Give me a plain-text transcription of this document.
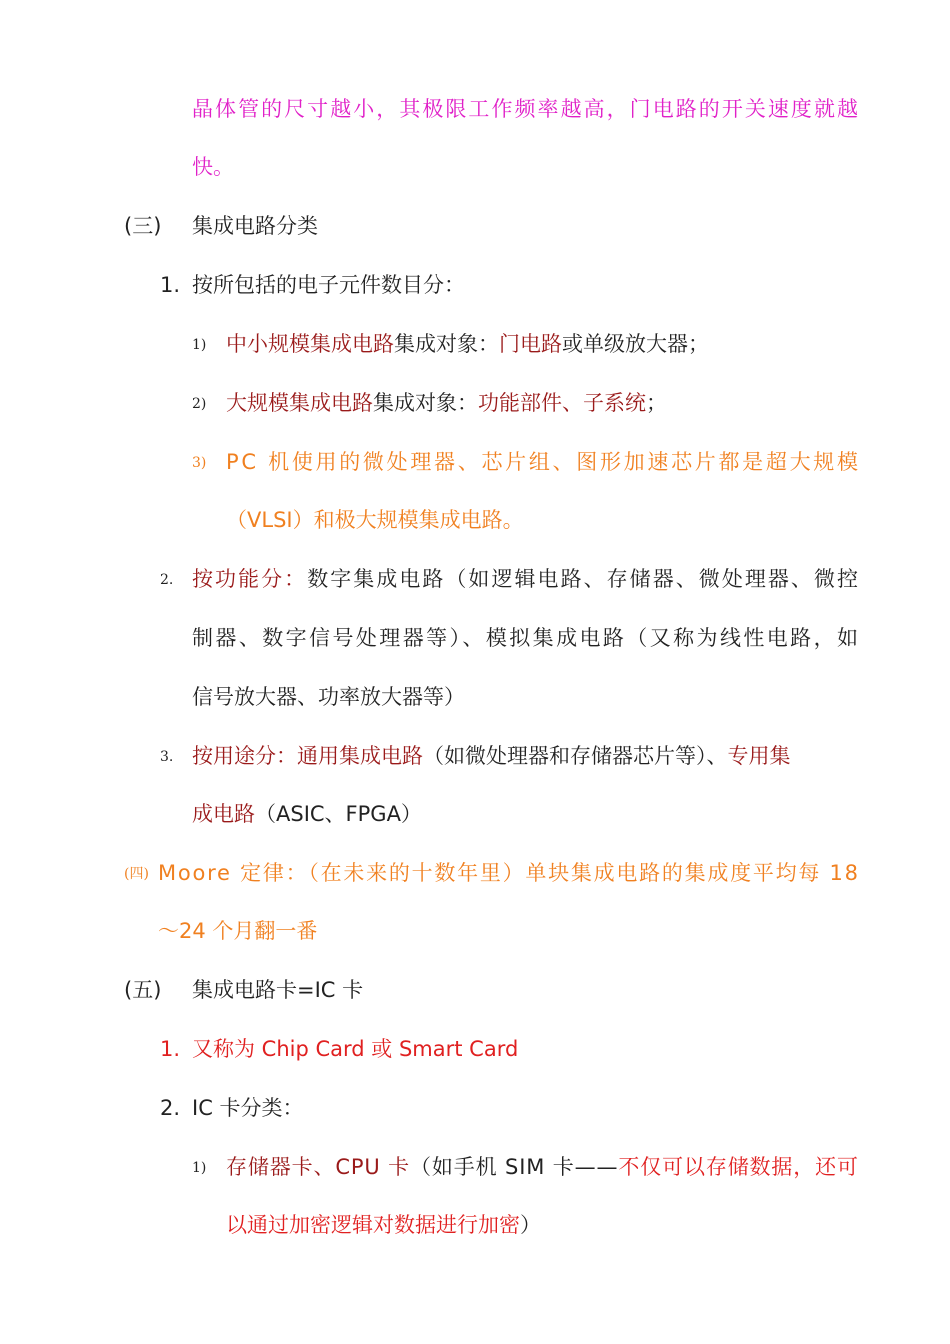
晶体管的尺寸越小，其极限工作频率越高，门电路的开关速度就越
快。
(三) 集成电路分类
1. 按所包括的电子元件数目分：
1) 中小规模集成电路集成对象：门电路或单级放大器；
2) 大规模集成电路集成对象：功能部件、子系统；
3) PC 机使用的微处理器、芯片组、图形加速芯片都是超大规模
（VLSI）和极大规模集成电路。
2. 按功能分：数字集成电路（如逻辑电路、存储器、微处理器、微控
制器、数字信号处理器等）、模拟集成电路（又称为线性电路，如
信号放大器、功率放大器等）
3. 按用途分：通用集成电路（如微处理器和存储器芯片等）、专用集
成电路（ASIC、FPGA）
(四) Moore 定律：（在未来的十数年里）单块集成电路的集成度平均每 18
～24 个月翻一番
(五) 集成电路卡=IC 卡
1. 又称为 Chip Card 或 Smart Card
2. IC 卡分类：
1) 存储器卡、CPU 卡（如手机 SIM 卡——不仅可以存储数据，还可
以通过加密逻辑对数据进行加密）
